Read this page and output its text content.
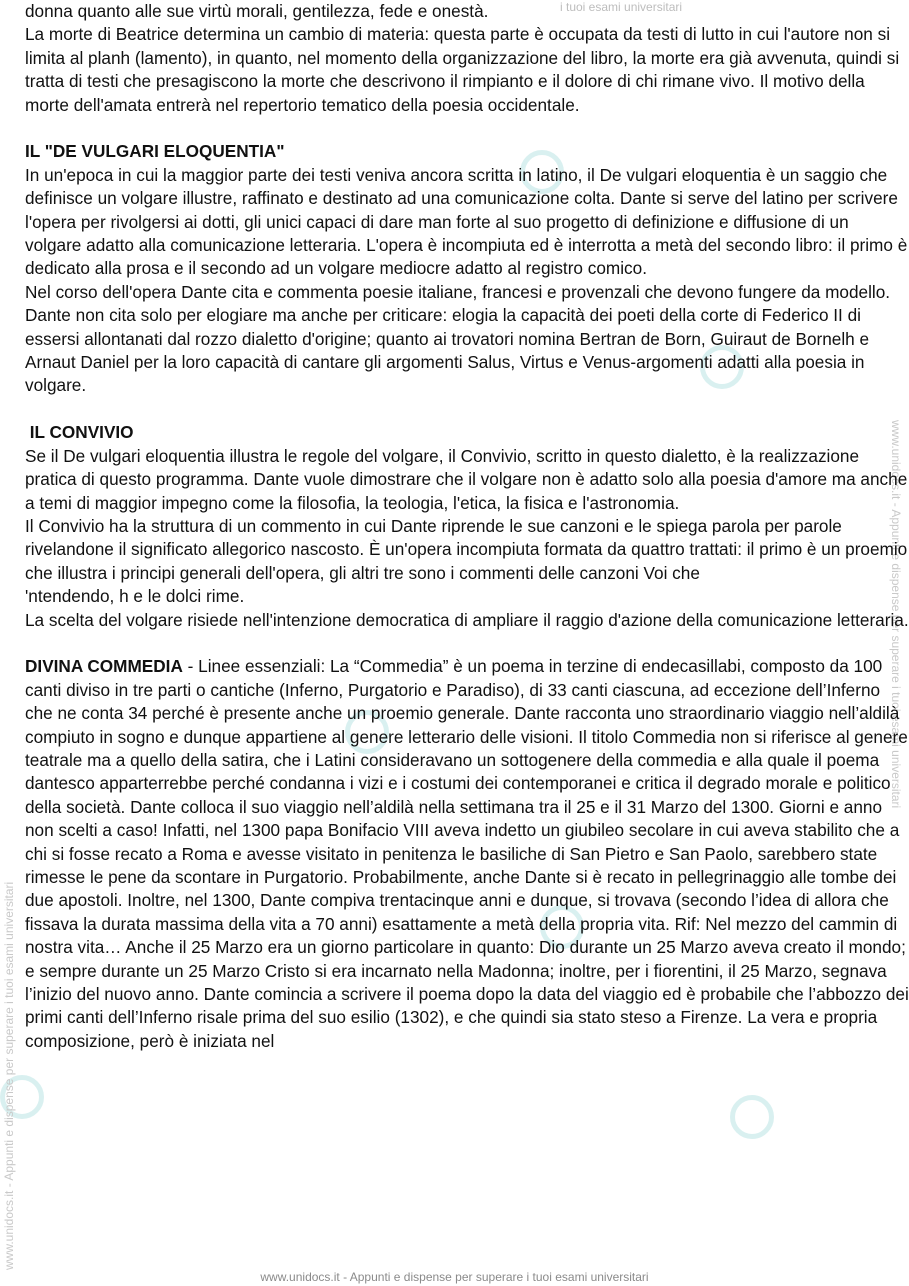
i tuoi esami universitari
www.unidocs.it - Appunti e dispense per superare i tuoi esami universitari
www.unidocs.it - Appunti e dispense per superare i tuoi esami universitari

donna quanto alle sue virtù morali, gentilezza, fede e onestà.

La morte di Beatrice determina un cambio di materia: questa parte è occupata da testi di lutto in cui l'autore non si limita al planh (lamento), in quanto, nel momento della organizzazione del libro, la morte era già avvenuta, quindi si tratta di testi che presagiscono la morte che descrivono il rimpianto e il dolore di chi rimane vivo. Il motivo della morte dell'amata entrerà nel repertorio tematico della poesia occidentale.

IL "DE VULGARI ELOQUENTIA"

In un'epoca in cui la maggior parte dei testi veniva ancora scritta in latino, il De vulgari eloquentia è un saggio che definisce un volgare illustre, raffinato e destinato ad una comunicazione colta. Dante si serve del latino per scrivere l'opera per rivolgersi ai dotti, gli unici capaci di dare man forte al suo progetto di definizione e diffusione di un volgare adatto alla comunicazione letteraria. L'opera è incompiuta ed è interrotta a metà del secondo libro: il primo è dedicato alla prosa e il secondo ad un volgare mediocre adatto al registro comico.

Nel corso dell'opera Dante cita e commenta poesie italiane, francesi e provenzali che devono fungere da modello. Dante non cita solo per elogiare ma anche per criticare: elogia la capacità dei poeti della corte di Federico II di essersi allontanati dal rozzo dialetto d'origine; quanto ai trovatori nomina Bertran de Born, Guiraut de Bornelh e Arnaut Daniel per la loro capacità di cantare gli argomenti Salus, Virtus e Venus-argomenti adatti alla poesia in volgare.

IL CONVIVIO

Se il De vulgari eloquentia illustra le regole del volgare, il Convivio, scritto in questo dialetto, è la realizzazione pratica di questo programma. Dante vuole dimostrare che il volgare non è adatto solo alla poesia d'amore ma anche a temi di maggior impegno come la filosofia, la teologia, l'etica, la fisica e l'astronomia.

Il Convivio ha la struttura di un commento in cui Dante riprende le sue canzoni e le spiega parola per parole rivelandone il significato allegorico nascosto. È un'opera incompiuta formata da quattro trattati: il primo è un proemio che illustra i principi generali dell'opera, gli altri tre sono i commenti delle canzoni Voi che

'ntendendo, h e le dolci rime.

La scelta del volgare risiede nell'intenzione democratica di ampliare il raggio d'azione della comunicazione letteraria.

DIVINA COMMEDIA - Linee essenziali: La “Commedia” è un poema in terzine di endecasillabi, composto da 100 canti diviso in tre parti o cantiche (Inferno, Purgatorio e Paradiso), di 33 canti ciascuna, ad eccezione dell’Inferno che ne conta 34 perché è presente anche un proemio generale. Dante racconta uno straordinario viaggio nell’aldilà compiuto in sogno e dunque appartiene al genere letterario delle visioni. Il titolo Commedia non si riferisce al genere teatrale ma a quello della satira, che i Latini consideravano un sottogenere della commedia e alla quale il poema dantesco apparterrebbe perché condanna i vizi e i costumi dei contemporanei e critica il degrado morale e politico della società. Dante colloca il suo viaggio nell’aldilà nella settimana tra il 25 e il 31 Marzo del 1300. Giorni e anno non scelti a caso! Infatti, nel 1300 papa Bonifacio VIII aveva indetto un giubileo secolare in cui aveva stabilito che a chi si fosse recato a Roma e avesse visitato in penitenza le basiliche di San Pietro e San Paolo, sarebbero state rimesse le pene da scontare in Purgatorio. Probabilmente, anche Dante si è recato in pellegrinaggio alle tombe dei due apostoli. Inoltre, nel 1300, Dante compiva trentacinque anni e dunque, si trovava (secondo l’idea di allora che fissava la durata massima della vita a 70 anni) esattamente a metà della propria vita. Rif: Nel mezzo del cammin di nostra vita… Anche il 25 Marzo era un giorno particolare in quanto: Dio durante un 25 Marzo aveva creato il mondo; e sempre durante un 25 Marzo Cristo si era incarnato nella Madonna; inoltre, per i fiorentini, il 25 Marzo, segnava l’inizio del nuovo anno. Dante comincia a scrivere il poema dopo la data del viaggio ed è probabile che l’abbozzo dei primi canti dell’Inferno risale prima del suo esilio (1302), e che quindi sia stato steso a Firenze. La vera e propria composizione, però è iniziata nel

www.unidocs.it - Appunti e dispense per superare i tuoi esami universitari
